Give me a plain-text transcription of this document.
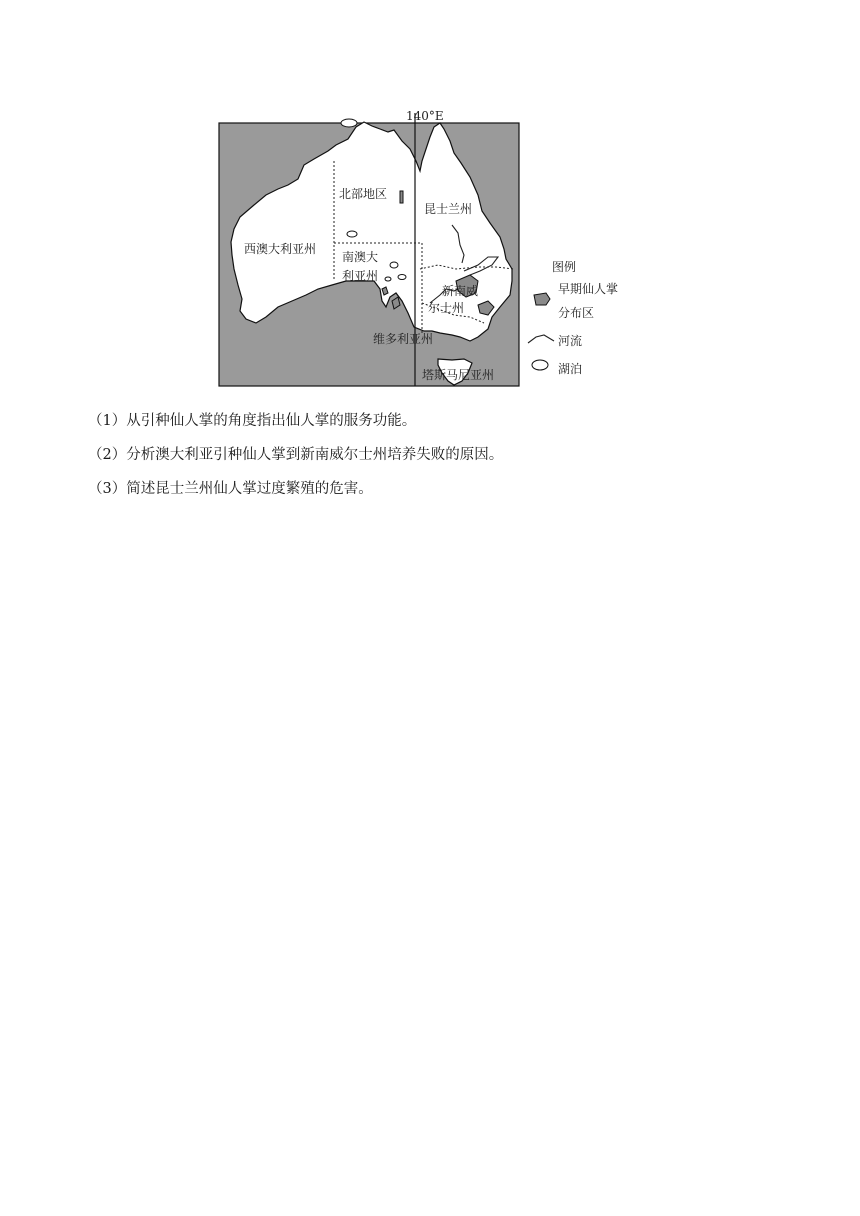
140°E
西澳大利亚州
北部地区
昆士兰州
南澳大
利亚州
新南威
尔士州
维多利亚州
塔斯马尼亚州
图例
早期仙人掌
分布区
河流
湖泊
（1）从引种仙人掌的角度指出仙人掌的服务功能。
（2）分析澳大利亚引种仙人掌到新南威尔士州培养失败的原因。
（3）简述昆士兰州仙人掌过度繁殖的危害。
